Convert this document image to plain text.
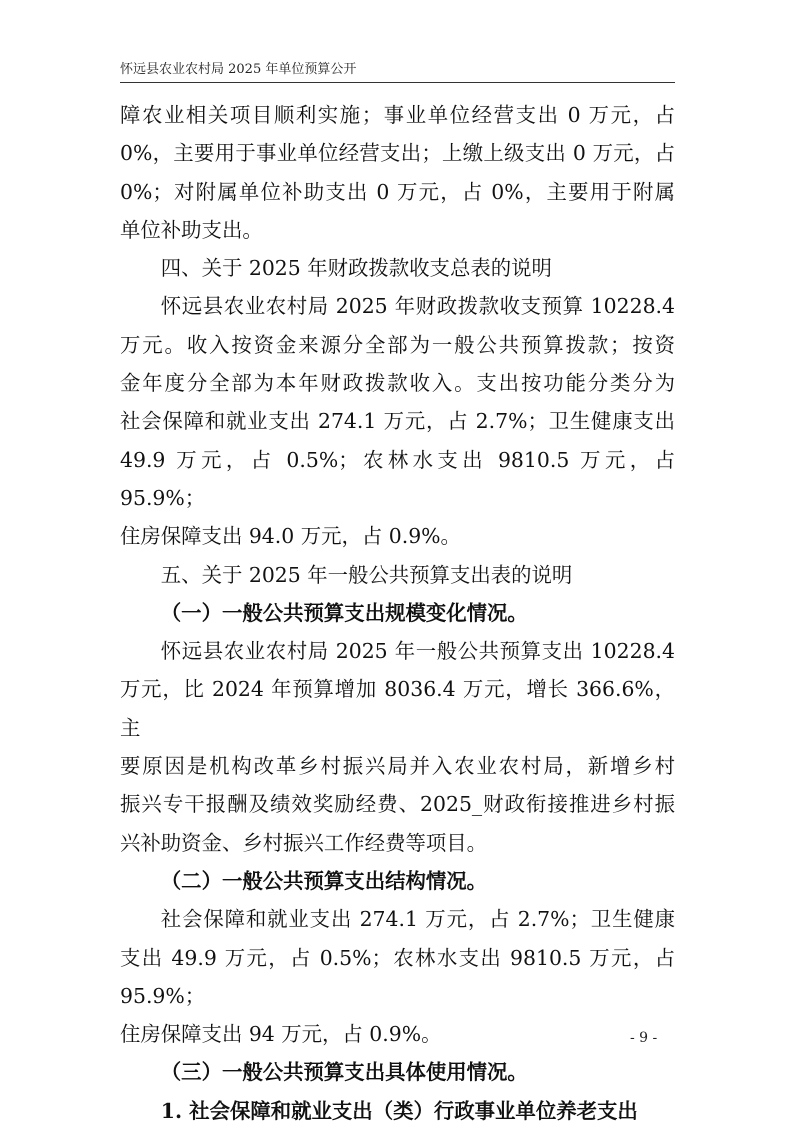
怀远县农业农村局 2025 年单位预算公开

障农业相关项目顺利实施；事业单位经营支出 0 万元，占

0%，主要用于事业单位经营支出；上缴上级支出 0 万元，占

0%；对附属单位补助支出 0 万元，占 0%，主要用于附属

单位补助支出。

四、关于 2025 年财政拨款收支总表的说明

怀远县农业农村局 2025 年财政拨款收支预算 10228.4

万元。收入按资金来源分全部为一般公共预算拨款；按资

金年度分全部为本年财政拨款收入。支出按功能分类分为

社会保障和就业支出 274.1 万元，占 2.7%；卫生健康支出

49.9 万元，占 0.5%；农林水支出 9810.5 万元，占 95.9%；

住房保障支出 94.0 万元，占 0.9%。

五、关于 2025 年一般公共预算支出表的说明

（一）一般公共预算支出规模变化情况。

怀远县农业农村局 2025 年一般公共预算支出 10228.4

万元，比 2024 年预算增加 8036.4 万元，增长 366.6%，主

要原因是机构改革乡村振兴局并入农业农村局，新增乡村

振兴专干报酬及绩效奖励经费、2025_财政衔接推进乡村振

兴补助资金、乡村振兴工作经费等项目。

（二）一般公共预算支出结构情况。

社会保障和就业支出 274.1 万元，占 2.7%；卫生健康

支出 49.9 万元，占 0.5%；农林水支出 9810.5 万元，占 95.9%；

住房保障支出 94 万元，占 0.9%。

（三）一般公共预算支出具体使用情况。

1. 社会保障和就业支出（类）行政事业单位养老支出

- 9 -
